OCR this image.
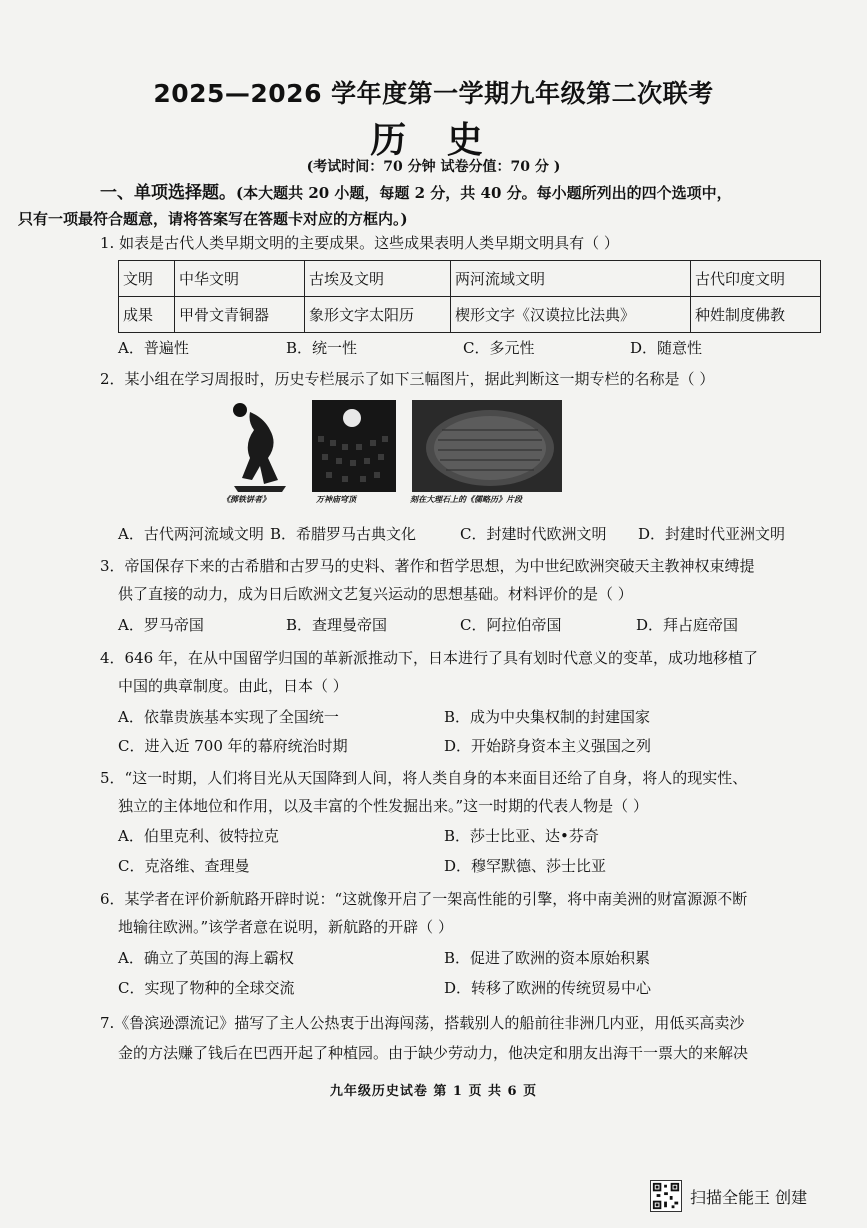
2025—2026 学年度第一学期九年级第二次联考
历 史
(考试时间：70 分钟 试卷分值：70 分 )
一、单项选择题。(本大题共 20 小题，每题 2 分，共 40 分。每小题所列出的四个选项中，
只有一项最符合题意，请将答案写在答题卡对应的方框内。)
1. 如表是古代人类早期文明的主要成果。这些成果表明人类早期文明具有（ ）
文明	中华文明	古埃及文明	两河流域文明	古代印度文明
成果	甲骨文青铜器	象形文字太阳历	楔形文字《汉谟拉比法典》	种姓制度佛教
A．普遍性	B．统一性	C．多元性	D．随意性
2．某小组在学习周报时，历史专栏展示了如下三幅图片，据此判断这一期专栏的名称是（ ）
《掷铁饼者》	万神庙穹顶	刻在大理石上的《儒略历》片段
A．古代两河流域文明 B．希腊罗马古典文化	C．封建时代欧洲文明 D．封建时代亚洲文明
3．帝国保存下来的古希腊和古罗马的史料、著作和哲学思想，为中世纪欧洲突破天主教神权束缚提
供了直接的动力，成为日后欧洲文艺复兴运动的思想基础。材料评价的是（ ）
A．罗马帝国	B．查理曼帝国	C．阿拉伯帝国	D．拜占庭帝国
4．646 年，在从中国留学归国的革新派推动下，日本进行了具有划时代意义的变革，成功地移植了
中国的典章制度。由此，日本（ ）
A．依靠贵族基本实现了全国统一	B．成为中央集权制的封建国家
C．进入近 700 年的幕府统治时期	D．开始跻身资本主义强国之列
5．“这一时期，人们将目光从天国降到人间，将人类自身的本来面目还给了自身，将人的现实性、
独立的主体地位和作用，以及丰富的个性发掘出来。”这一时期的代表人物是（ ）
A．伯里克利、彼特拉克	B．莎士比亚、达•芬奇
C．克洛维、查理曼	D．穆罕默德、莎士比亚
6．某学者在评价新航路开辟时说：“这就像开启了一架高性能的引擎，将中南美洲的财富源源不断
地输往欧洲。”该学者意在说明，新航路的开辟（ ）
A．确立了英国的海上霸权	B．促进了欧洲的资本原始积累
C．实现了物种的全球交流	D．转移了欧洲的传统贸易中心
7.《鲁滨逊漂流记》描写了主人公热衷于出海闯荡，搭载别人的船前往非洲几内亚，用低买高卖沙
金的方法赚了钱后在巴西开起了种植园。由于缺少劳动力，他决定和朋友出海干一票大的来解决
九年级历史试卷 第 1 页 共 6 页
扫描全能王 创建
